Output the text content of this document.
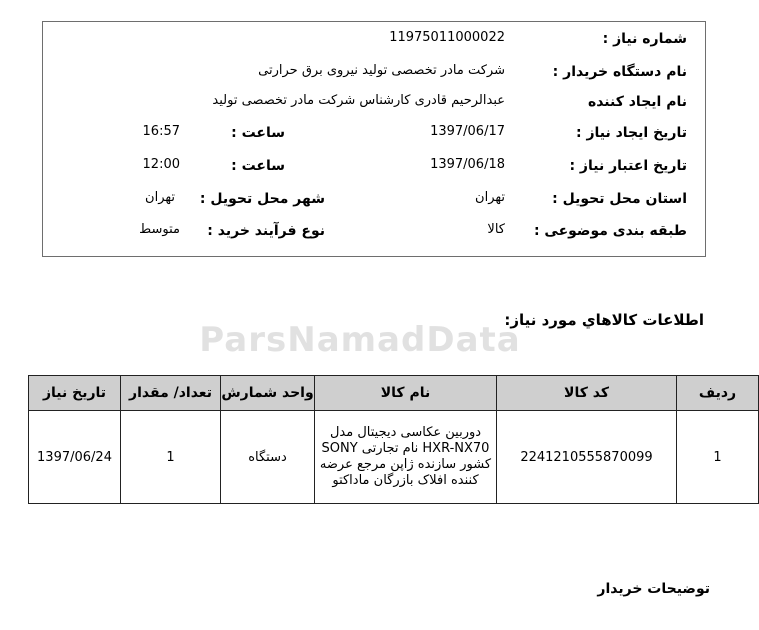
ParsNamadData
شماره نیاز :
11975011000022
نام دستگاه خریدار :
شرکت مادر تخصصی تولید نیروی برق حرارتی
نام ایجاد کننده
عبدالرحیم قادری کارشناس شرکت مادر تخصصی تولید
تاریخ ایجاد نیاز :
1397/06/17
ساعت :
16:57
تاریخ اعتبار نیاز :
1397/06/18
ساعت :
12:00
استان محل تحویل :
تهران
شهر محل تحویل :
تهران
طبقه بندی موضوعی :
کالا
نوع فرآیند خرید :
متوسط
اطلاعات کالاهاي مورد نياز:
ردیف	کد کالا	نام کالا	واحد شمارش	تعداد/ مقدار	تاریخ نیاز
1	2241210555870099	دوربین عکاسی دیجیتال مدل HXR-NX70 نام تجارتی SONY کشور سازنده ژاپن مرجع عرضه کننده افلاک بازرگان ماداکتو	دستگاه	1	1397/06/24
توضیحات خریدار
